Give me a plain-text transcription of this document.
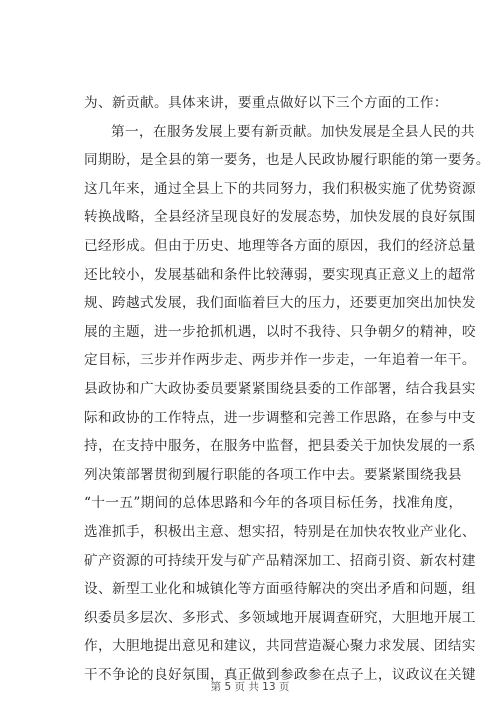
为、新贡献。具体来讲，要重点做好以下三个方面的工作：
第一，在服务发展上要有新贡献。加快发展是全县人民的共
同期盼，是全县的第一要务，也是人民政协履行职能的第一要务。
这几年来，通过全县上下的共同努力，我们积极实施了优势资源
转换战略，全县经济呈现良好的发展态势，加快发展的良好氛围
已经形成。但由于历史、地理等各方面的原因，我们的经济总量
还比较小，发展基础和条件比较薄弱，要实现真正意义上的超常
规、跨越式发展，我们面临着巨大的压力，还要更加突出加快发
展的主题，进一步抢抓机遇，以时不我待、只争朝夕的精神，咬
定目标，三步并作两步走、两步并作一步走，一年追着一年干。
县政协和广大政协委员要紧紧围绕县委的工作部署，结合我县实
际和政协的工作特点，进一步调整和完善工作思路，在参与中支
持，在支持中服务，在服务中监督，把县委关于加快发展的一系
列决策部署贯彻到履行职能的各项工作中去。要紧紧围绕我县
“十一五”期间的总体思路和今年的各项目标任务，找准角度，
选准抓手，积极出主意、想实招，特别是在加快农牧业产业化、
矿产资源的可持续开发与矿产品精深加工、招商引资、新农村建
设、新型工业化和城镇化等方面亟待解决的突出矛盾和问题，组
织委员多层次、多形式、多领域地开展调查研究，大胆地开展工
作，大胆地提出意见和建议，共同营造凝心聚力求发展、团结实
干不争论的良好氛围，真正做到参政参在点子上，议政议在关键
第 5 页 共 13 页
